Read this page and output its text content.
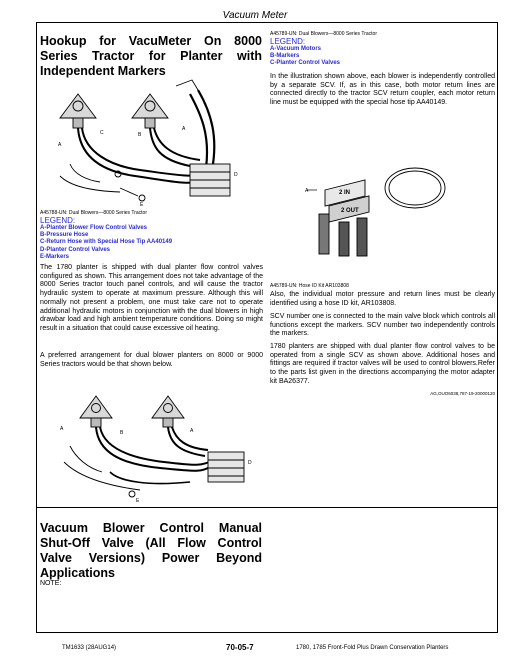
Vacuum Meter
Hookup for VacuMeter On 8000 Series Tractor for Planter with Independent Markers
A45789-UN: Dual Blowers—8000 Series Tractor
LEGEND:
A-Vacuum Motors
B-Markers
C-Planter Control Valves
In the illustration shown above, each blower is independently controlled by a separate SCV. If, as in this case, both motor return lines are connected directly to the tractor SCV return coupler, each motor return line must be equipped with the special hose tip AA40149.
A
C	B
A
D
E
A45788-UN: Dual Blowers—8000 Series Tractor
LEGEND:
A-Planter Blower Flow Control Valves
B-Pressure Hose
C-Return Hose with Special Hose Tip AA40149
D-Planter Control Valves
E-Markers
The 1780 planter is shipped with dual planter flow control valves configured as shown. This arrangement does not take advantage of the 8000 Series tractor touch panel controls, and will cause the tractor hydraulic system to operate at maximum pressure. Although this will normally not present a problem, one must take care not to operate additional hydraulic motors in conjunction with the dual blowers in high drawbar load and high ambient temperature conditions. Doing so might result in a situation that could cause excessive oil heating.
A preferred arrangement for dual blower planters on 8000 or 9000 Series tractors would be that shown below.
2 IN
2 OUT
A
A45789-UN: Hose ID Kit AR103808
Also, the individual motor pressure and return lines must be clearly identified using a hose ID kit, AR103808.
SCV number one is connected to the main valve block which controls all functions except the markers. SCV number two independently controls the markers.
1780 planters are shipped with dual planter flow control valves to be operated from a single SCV as shown above. Additional hoses and fittings are required if tractor valves will be used to control blowers.Refer to the parts list given in the directions accompanying the motor adapter kit BA26377.
AG,OUO6038,787-19-20000120
A
B	A
D
E
Vacuum Blower Control Manual Shut-Off Valve (All Flow Control Valve Versions) Power Beyond Applications
NOTE:
TM1633 (28AUG14)	70-05-7	1780, 1785 Front-Fold Plus Drawn Conservation Planters
